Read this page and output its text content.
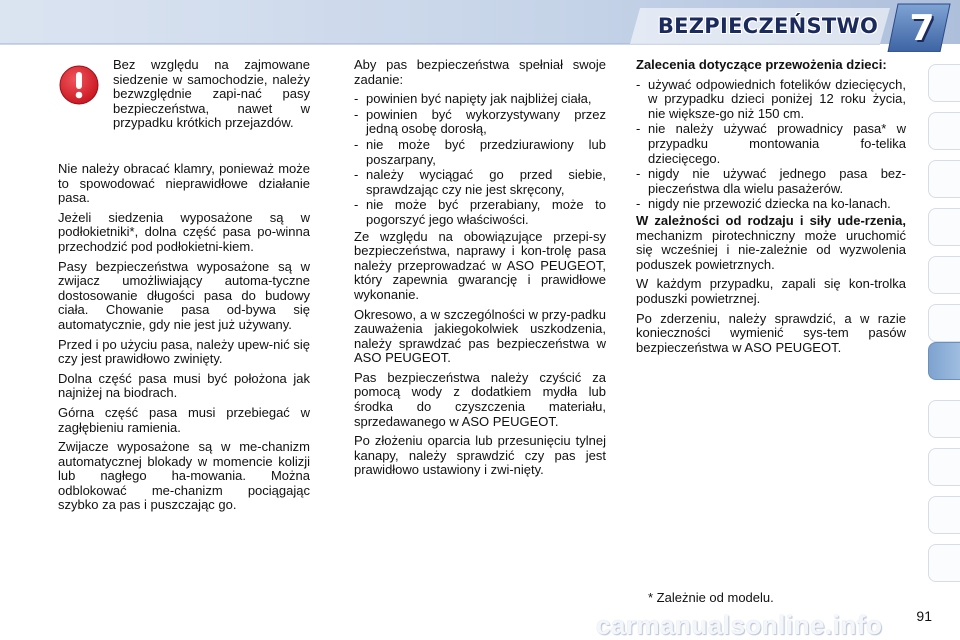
BEZPIECZEŃSTWO 7

Bez względu na zajmowane siedzenie w samochodzie, należy bezwzględnie zapi-nać pasy bezpieczeństwa, nawet w przypadku krótkich przejazdów.

Nie należy obracać klamry, ponieważ może to spowodować nieprawidłowe działanie pasa.

Jeżeli siedzenia wyposażone są w podłokietniki*, dolna część pasa po-winna przechodzić pod podłokietni-kiem.

Pasy bezpieczeństwa wyposażone są w zwijacz umożliwiający automa-tyczne dostosowanie długości pasa do budowy ciała. Chowanie pasa od-bywa się automatycznie, gdy nie jest już używany.

Przed i po użyciu pasa, należy upew-nić się czy jest prawidłowo zwinięty.

Dolna część pasa musi być położona jak najniżej na biodrach.

Górna część pasa musi przebiegać w zagłębieniu ramienia.

Zwijacze wyposażone są w me-chanizm automatycznej blokady w momencie kolizji lub nagłego ha-mowania. Można odblokować me-chanizm pociągając szybko za pas i puszczając go.

Aby pas bezpieczeństwa spełniał swoje zadanie:

- powinien być napięty jak najbliżej ciała,
- powinien być wykorzystywany przez jedną osobę dorosłą,
- nie może być przedziurawiony lub poszarpany,
- należy wyciągać go przed siebie, sprawdzając czy nie jest skręcony,
- nie może być przerabiany, może to pogorszyć jego właściwości.

Ze względu na obowiązujące przepi-sy bezpieczeństwa, naprawy i kon-trolę pasa należy przeprowadzać w ASO PEUGEOT, który zapewnia gwarancję i prawidłowe wykonanie.

Okresowo, a w szczególności w przy-padku zauważenia jakiegokolwiek uszkodzenia, należy sprawdzać pas bezpieczeństwa w ASO PEUGEOT.

Pas bezpieczeństwa należy czyścić za pomocą wody z dodatkiem mydła lub środka do czyszczenia materiału, sprzedawanego w ASO PEUGEOT.

Po złożeniu oparcia lub przesunięciu tylnej kanapy, należy sprawdzić czy pas jest prawidłowo ustawiony i zwi-nięty.

Zalecenia dotyczące przewożenia dzieci:

- używać odpowiednich fotelików dziecięcych, w przypadku dzieci poniżej 12 roku życia, nie większe-go niż 150 cm.
- nie należy używać prowadnicy pasa* w przypadku montowania fo-telika dziecięcego.
- nigdy nie używać jednego pasa bez-pieczeństwa dla wielu pasażerów.
- nigdy nie przewozić dziecka na ko-lanach.

W zależności od rodzaju i siły ude-rzenia, mechanizm pirotechniczny może uruchomić się wcześniej i nie-zależnie od wyzwolenia poduszek powietrznych.

W każdym przypadku, zapali się kon-trolka poduszki powietrznej.

Po zderzeniu, należy sprawdzić, a w razie konieczności wymienić sys-tem pasów bezpieczeństwa w ASO PEUGEOT.

* Zależnie od modelu.
carmanualsonline.info	91
